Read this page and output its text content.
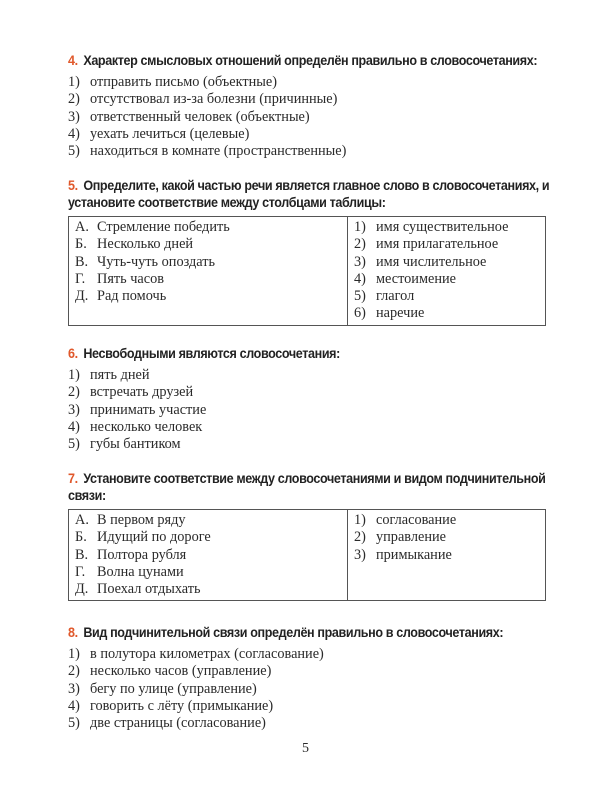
4. Характер смысловых отношений определён правильно в словосочетаниях:
1) отправить письмо (объектные)
2) отсутствовал из-за болезни (причинные)
3) ответственный человек (объектные)
4) уехать лечиться (целевые)
5) находиться в комнате (пространственные)
5. Определите, какой частью речи является главное слово в словосочетаниях, и установите соответствие между столбцами таблицы:
А. Стремление победить
Б. Несколько дней
В. Чуть-чуть опоздать
Г. Пять часов
Д. Рад помочь

1) имя существительное
2) имя прилагательное
3) имя числительное
4) местоимение
5) глагол
6) наречие
6. Несвободными являются словосочетания:
1) пять дней
2) встречать друзей
3) принимать участие
4) несколько человек
5) губы бантиком
7. Установите соответствие между словосочетаниями и видом подчинительной связи:
А. В первом ряду
Б. Идущий по дороге
В. Полтора рубля
Г. Волна цунами
Д. Поехал отдыхать

1) согласование
2) управление
3) примыкание
8. Вид подчинительной связи определён правильно в словосочетаниях:
1) в полутора километрах (согласование)
2) несколько часов (управление)
3) бегу по улице (управление)
4) говорить с лёту (примыкание)
5) две страницы (согласование)
5
